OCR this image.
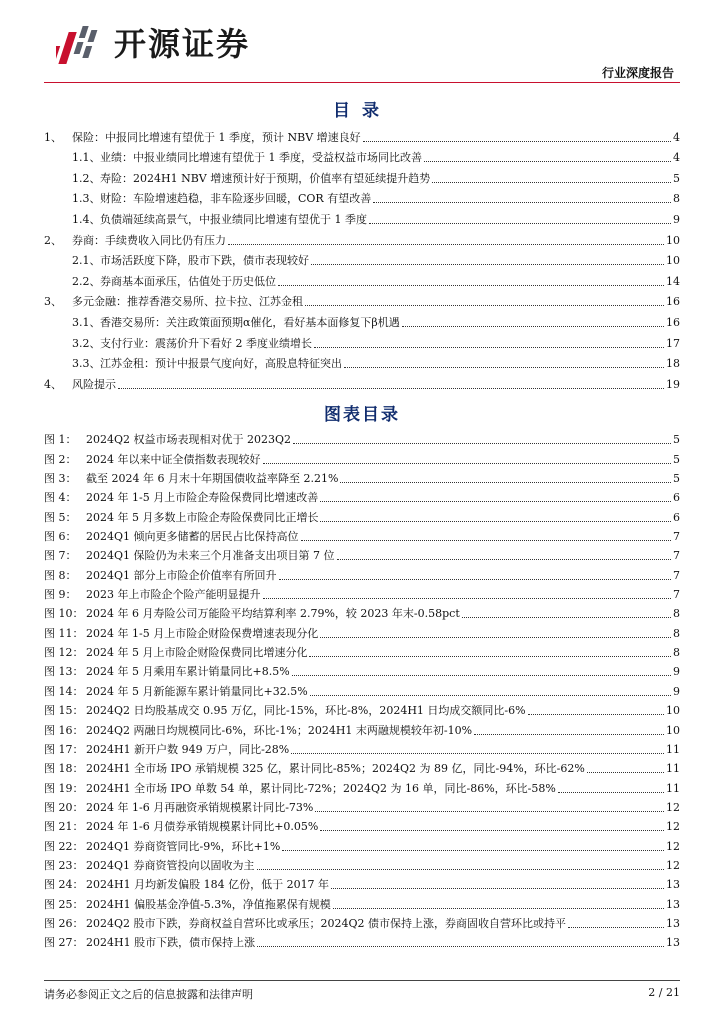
开源证券
行业深度报告
目录
1、 保险：中报同比增速有望优于 1 季度，预计 NBV 增速良好	4
1.1、 业绩：中报业绩同比增速有望优于 1 季度，受益权益市场同比改善	4
1.2、 寿险：2024H1 NBV 增速预计好于预期，价值率有望延续提升趋势	5
1.3、 财险：车险增速趋稳，非车险逐步回暖，COR 有望改善	8
1.4、 负债端延续高景气，中报业绩同比增速有望优于 1 季度	9
2、 券商：手续费收入同比仍有压力	10
2.1、 市场活跃度下降，股市下跌，债市表现较好	10
2.2、 券商基本面承压，估值处于历史低位	14
3、 多元金融：推荐香港交易所、拉卡拉、江苏金租	16
3.1、 香港交易所：关注政策面预期α催化，看好基本面修复下β机遇	16
3.2、 支付行业：震荡价升下看好 2 季度业绩增长	17
3.3、 江苏金租：预计中报景气度向好，高股息特征突出	18
4、 风险提示	19
图表目录
图 1： 2024Q2 权益市场表现相对优于 2023Q2	5
图 2： 2024 年以来中证全债指数表现较好	5
图 3： 截至 2024 年 6 月末十年期国债收益率降至 2.21%	5
图 4： 2024 年 1-5 月上市险企寿险保费同比增速改善	6
图 5： 2024 年 5 月多数上市险企寿险保费同比正增长	6
图 6： 2024Q1 倾向更多储蓄的居民占比保持高位	7
图 7： 2024Q1 保险仍为未来三个月准备支出项目第 7 位	7
图 8： 2024Q1 部分上市险企价值率有所回升	7
图 9： 2023 年上市险企个险产能明显提升	7
图 10： 2024 年 6 月寿险公司万能险平均结算利率 2.79%，较 2023 年末-0.58pct	8
图 11： 2024 年 1-5 月上市险企财险保费增速表现分化	8
图 12： 2024 年 5 月上市险企财险保费同比增速分化	8
图 13： 2024 年 5 月乘用车累计销量同比+8.5%	9
图 14： 2024 年 5 月新能源车累计销量同比+32.5%	9
图 15： 2024Q2 日均股基成交 0.95 万亿，同比-15%，环比-8%，2024H1 日均成交额同比-6%	10
图 16： 2024Q2 两融日均规模同比-6%，环比-1%；2024H1 末两融规模较年初-10%	10
图 17： 2024H1 新开户数 949 万户，同比-28%	11
图 18： 2024H1 全市场 IPO 承销规模 325 亿，累计同比-85%；2024Q2 为 89 亿，同比-94%，环比-62%	11
图 19： 2024H1 全市场 IPO 单数 54 单，累计同比-72%；2024Q2 为 16 单，同比-86%，环比-58%	11
图 20： 2024 年 1-6 月再融资承销规模累计同比-73%	12
图 21： 2024 年 1-6 月债券承销规模累计同比+0.05%	12
图 22： 2024Q1 券商资管同比-9%，环比+1%	12
图 23： 2024Q1 券商资管投向以固收为主	12
图 24： 2024H1 月均新发偏股 184 亿份，低于 2017 年	13
图 25： 2024H1 偏股基金净值-5.3%，净值拖累保有规模	13
图 26： 2024Q2 股市下跌，券商权益自营环比或承压；2024Q2 债市保持上涨，券商固收自营环比或持平	13
图 27： 2024H1 股市下跌，债市保持上涨	13
请务必参阅正文之后的信息披露和法律声明	2 / 21
